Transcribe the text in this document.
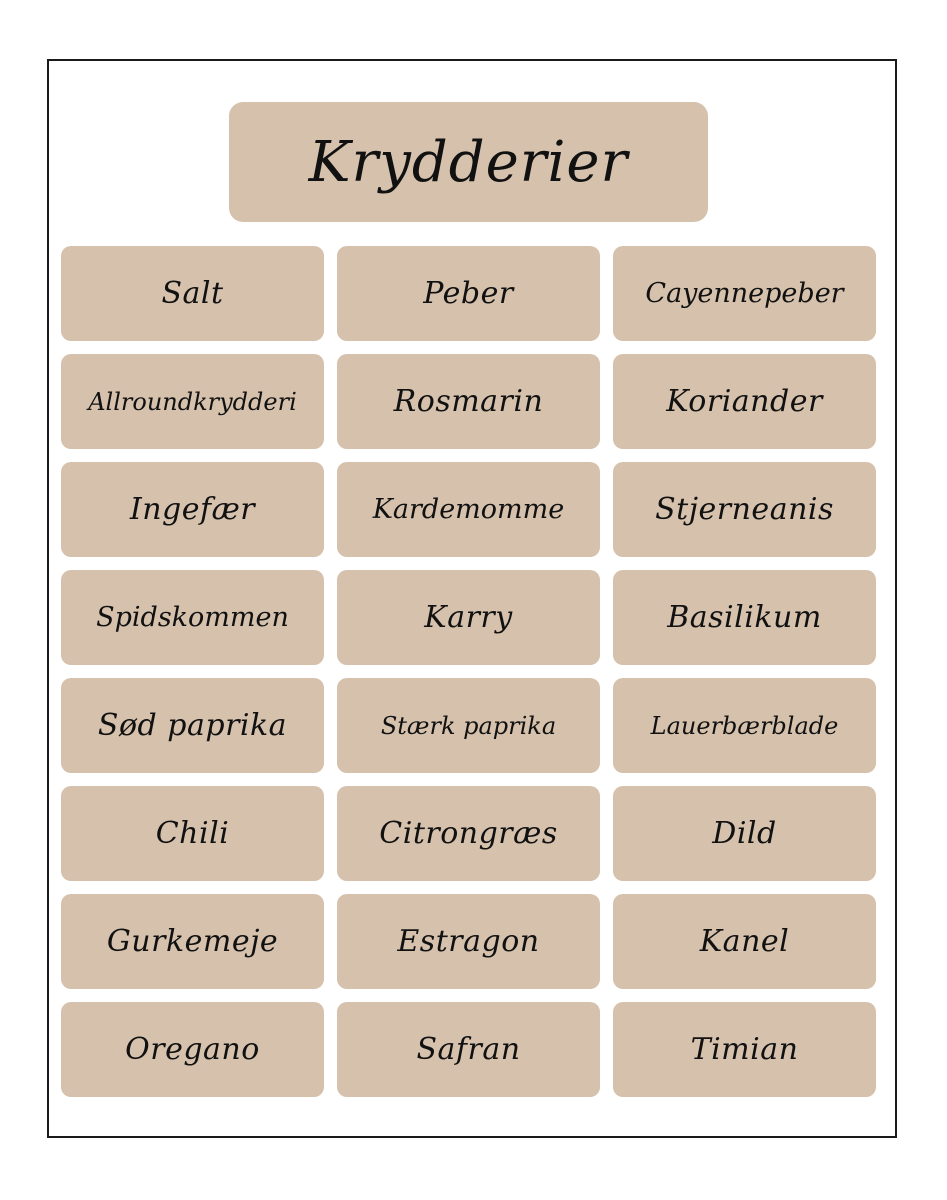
Krydderier
Salt	Peber	Cayennepeber
Allroundkrydderi	Rosmarin	Koriander
Ingefær	Kardemomme	Stjerneanis
Spidskommen	Karry	Basilikum
Sød paprika	Stærk paprika	Lauerbærblade
Chili	Citrongræs	Dild
Gurkemeje	Estragon	Kanel
Oregano	Safran	Timian
